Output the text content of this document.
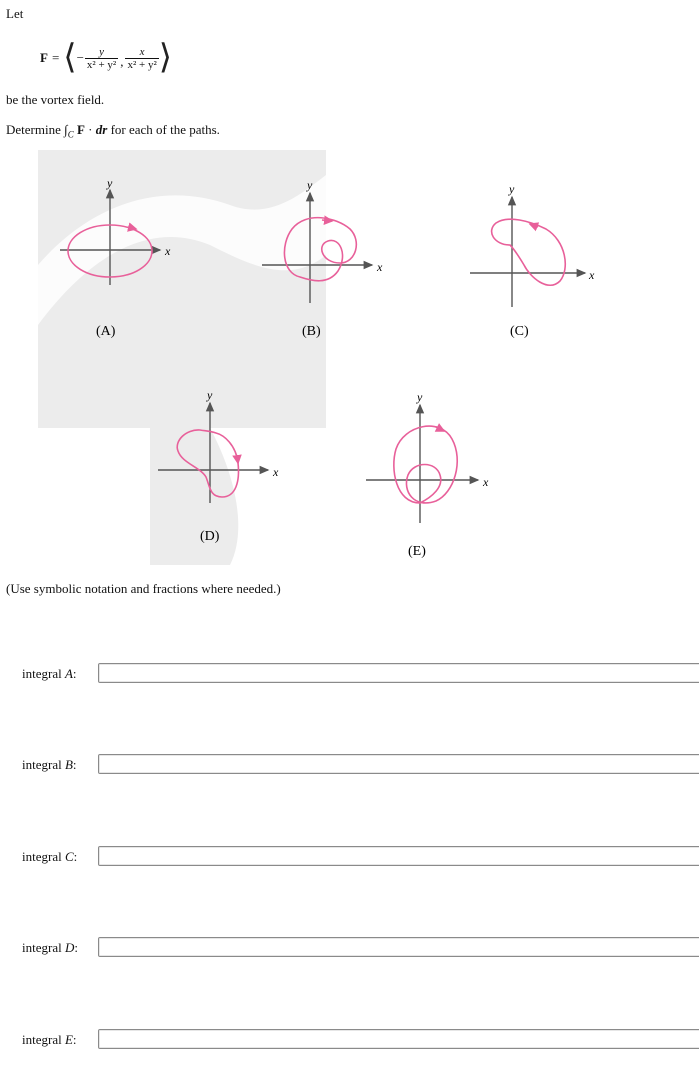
Let
F = ⟨ − $\frac{y}{\text{x² + y²}}$ , $\frac{x}{\text{x² + y²}}$ ⟩
be the vortex field.
Determine $\int_C$ F · dr for each of the paths.
x
y
(A)
x
y
(B)
x
y
(C)
x
y
(D)
x
y
(E)
(Use symbolic notation and fractions where needed.)
integral A:
integral B:
integral C:
integral D:
integral E:
